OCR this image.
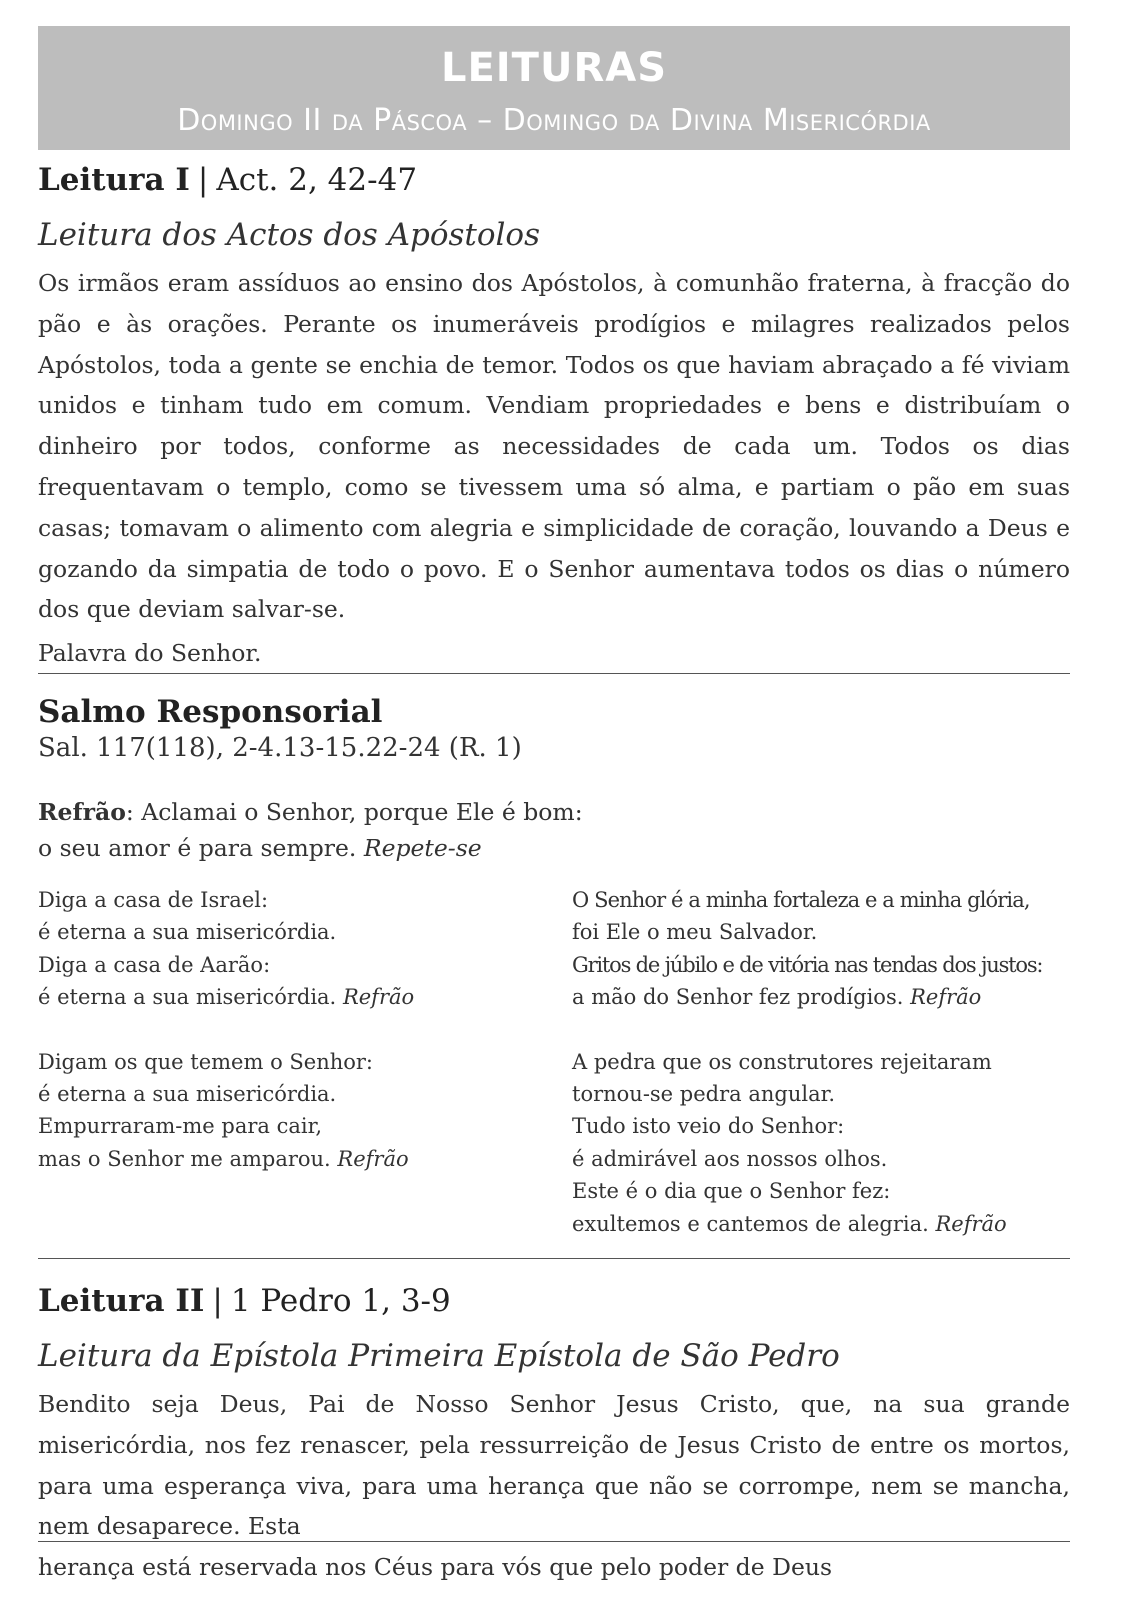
LEITURAS
Domingo II da Páscoa – Domingo da Divina Misericórdia
Leitura I | Act. 2, 42-47
Leitura dos Actos dos Apóstolos
Os irmãos eram assíduos ao ensino dos Apóstolos, à comunhão fraterna, à fracção do pão e às orações. Perante os inumeráveis prodígios e milagres realizados pelos Apóstolos, toda a gente se enchia de temor. Todos os que haviam abraçado a fé viviam unidos e tinham tudo em comum. Vendiam propriedades e bens e distribuíam o dinheiro por todos, conforme as necessidades de cada um. Todos os dias frequentavam o templo, como se tivessem uma só alma, e partiam o pão em suas casas; tomavam o alimento com alegria e simplicidade de coração, louvando a Deus e gozando da simpatia de todo o povo. E o Senhor aumentava todos os dias o número dos que deviam salvar-se.
Palavra do Senhor.
Salmo Responsorial
Sal. 117(118), 2-4.13-15.22-24 (R. 1)
Refrão: Aclamai o Senhor, porque Ele é bom:
o seu amor é para sempre. Repete-se
Diga a casa de Israel:
é eterna a sua misericórdia.
Diga a casa de Aarão:
é eterna a sua misericórdia. Refrão
Digam os que temem o Senhor:
é eterna a sua misericórdia.
Empurraram-me para cair,
mas o Senhor me amparou. Refrão
O Senhor é a minha fortaleza e a minha glória,
foi Ele o meu Salvador.
Gritos de júbilo e de vitória nas tendas dos justos:
a mão do Senhor fez prodígios. Refrão
A pedra que os construtores rejeitaram
tornou-se pedra angular.
Tudo isto veio do Senhor:
é admirável aos nossos olhos.
Este é o dia que o Senhor fez:
exultemos e cantemos de alegria. Refrão
Leitura II | 1 Pedro 1, 3-9
Leitura da Epístola Primeira Epístola de São Pedro
Bendito seja Deus, Pai de Nosso Senhor Jesus Cristo, que, na sua grande misericórdia, nos fez renascer, pela ressurreição de Jesus Cristo de entre os mortos, para uma esperança viva, para uma herança que não se corrompe, nem se mancha, nem desaparece. Esta
herança está reservada nos Céus para vós que pelo poder de Deus
